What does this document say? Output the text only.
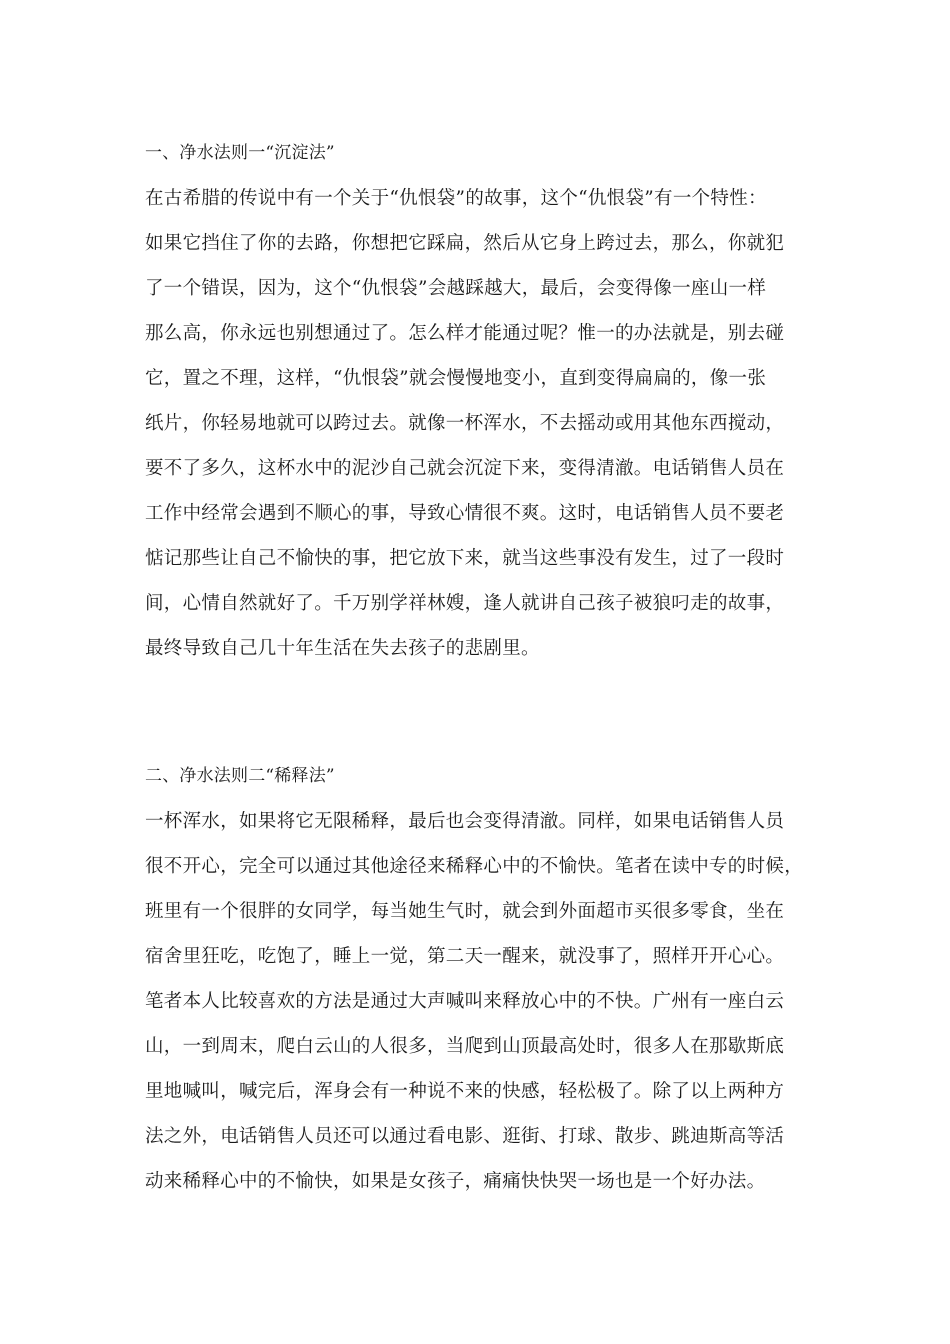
一、净水法则一“沉淀法”
在古希腊的传说中有一个关于“仇恨袋”的故事，这个“仇恨袋”有一个特性：
如果它挡住了你的去路，你想把它踩扁，然后从它身上跨过去，那么，你就犯
了一个错误，因为，这个“仇恨袋”会越踩越大，最后，会变得像一座山一样
那么高，你永远也别想通过了。怎么样才能通过呢？惟一的办法就是，别去碰
它，置之不理，这样，“仇恨袋”就会慢慢地变小，直到变得扁扁的，像一张
纸片，你轻易地就可以跨过去。就像一杯浑水，不去摇动或用其他东西搅动，
要不了多久，这杯水中的泥沙自己就会沉淀下来，变得清澈。电话销售人员在
工作中经常会遇到不顺心的事，导致心情很不爽。这时，电话销售人员不要老
惦记那些让自己不愉快的事，把它放下来，就当这些事没有发生，过了一段时
间，心情自然就好了。千万别学祥林嫂，逢人就讲自己孩子被狼叼走的故事，
最终导致自己几十年生活在失去孩子的悲剧里。
二、净水法则二“稀释法”
一杯浑水，如果将它无限稀释，最后也会变得清澈。同样，如果电话销售人员
很不开心，完全可以通过其他途径来稀释心中的不愉快。笔者在读中专的时候，
班里有一个很胖的女同学，每当她生气时，就会到外面超市买很多零食，坐在
宿舍里狂吃，吃饱了，睡上一觉，第二天一醒来，就没事了，照样开开心心。
笔者本人比较喜欢的方法是通过大声喊叫来释放心中的不快。广州有一座白云
山，一到周末，爬白云山的人很多，当爬到山顶最高处时，很多人在那歇斯底
里地喊叫，喊完后，浑身会有一种说不来的快感，轻松极了。除了以上两种方
法之外，电话销售人员还可以通过看电影、逛街、打球、散步、跳迪斯高等活
动来稀释心中的不愉快，如果是女孩子，痛痛快快哭一场也是一个好办法。
